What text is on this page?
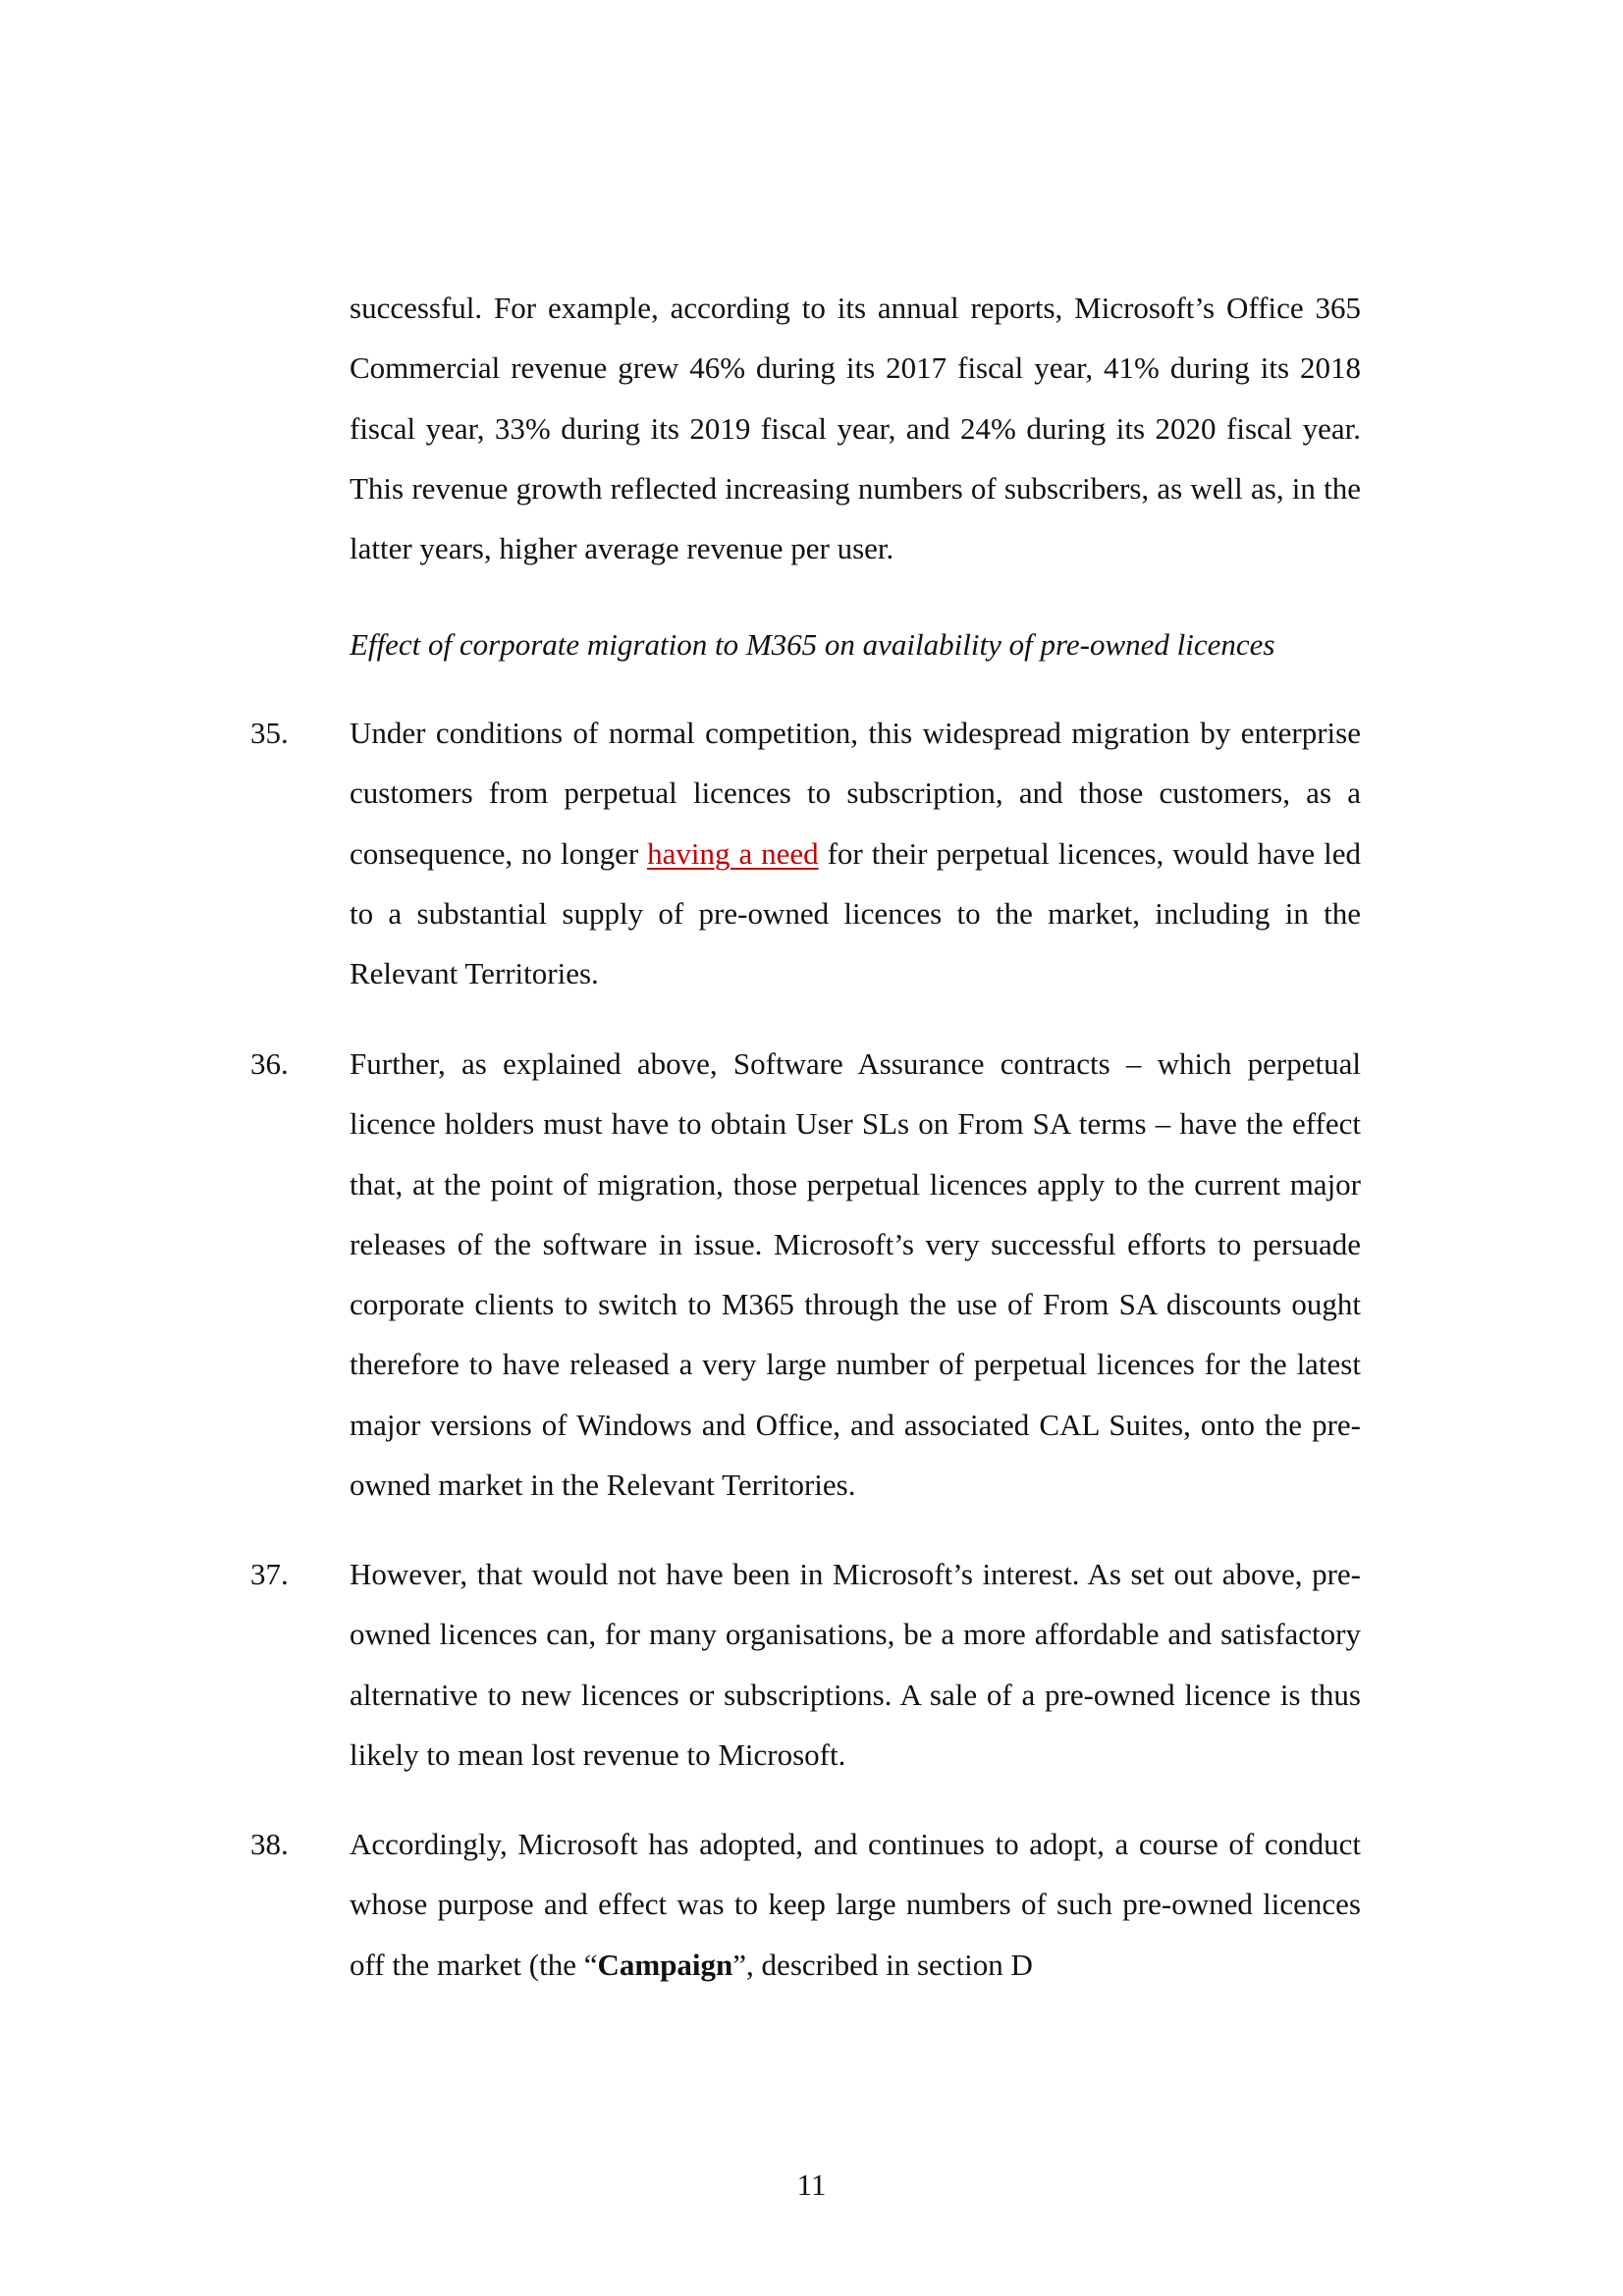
successful. For example, according to its annual reports, Microsoft’s Office 365 Commercial revenue grew 46% during its 2017 fiscal year, 41% during its 2018 fiscal year, 33% during its 2019 fiscal year, and 24% during its 2020 fiscal year. This revenue growth reflected increasing numbers of subscribers, as well as, in the latter years, higher average revenue per user.
Effect of corporate migration to M365 on availability of pre-owned licences
35. Under conditions of normal competition, this widespread migration by enterprise customers from perpetual licences to subscription, and those customers, as a consequence, no longer having a need for their perpetual licences, would have led to a substantial supply of pre-owned licences to the market, including in the Relevant Territories.
36. Further, as explained above, Software Assurance contracts – which perpetual licence holders must have to obtain User SLs on From SA terms – have the effect that, at the point of migration, those perpetual licences apply to the current major releases of the software in issue. Microsoft’s very successful efforts to persuade corporate clients to switch to M365 through the use of From SA discounts ought therefore to have released a very large number of perpetual licences for the latest major versions of Windows and Office, and associated CAL Suites, onto the pre-owned market in the Relevant Territories.
37. However, that would not have been in Microsoft’s interest. As set out above, pre-owned licences can, for many organisations, be a more affordable and satisfactory alternative to new licences or subscriptions. A sale of a pre-owned licence is thus likely to mean lost revenue to Microsoft.
38. Accordingly, Microsoft has adopted, and continues to adopt, a course of conduct whose purpose and effect was to keep large numbers of such pre-owned licences off the market (the “Campaign”, described in section D
11
